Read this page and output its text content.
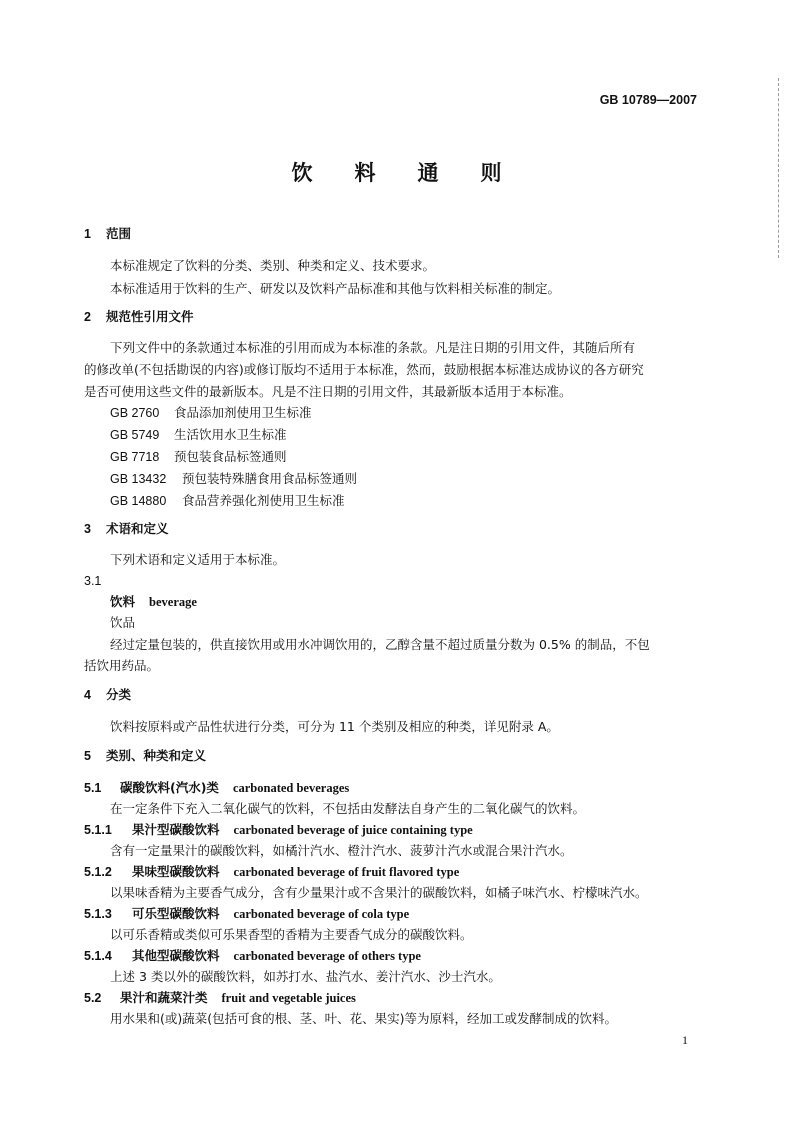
GB 10789—2007
饮料通则
1 范围
本标准规定了饮料的分类、类别、种类和定义、技术要求。
本标准适用于饮料的生产、研发以及饮料产品标准和其他与饮料相关标准的制定。
2 规范性引用文件
下列文件中的条款通过本标准的引用而成为本标准的条款。凡是注日期的引用文件，其随后所有
的修改单(不包括勘误的内容)或修订版均不适用于本标准，然而，鼓励根据本标准达成协议的各方研究
是否可使用这些文件的最新版本。凡是不注日期的引用文件，其最新版本适用于本标准。
GB 2760 食品添加剂使用卫生标准
GB 5749 生活饮用水卫生标准
GB 7718 预包装食品标签通则
GB 13432 预包装特殊膳食用食品标签通则
GB 14880 食品营养强化剂使用卫生标准
3 术语和定义
下列术语和定义适用于本标准。
3.1
饮料 beverage
饮品
经过定量包装的，供直接饮用或用水冲调饮用的，乙醇含量不超过质量分数为 0.5% 的制品，不包
括饮用药品。
4 分类
饮料按原料或产品性状进行分类，可分为 11 个类别及相应的种类，详见附录 A。
5 类别、种类和定义
5.1 碳酸饮料(汽水)类 carbonated beverages
在一定条件下充入二氧化碳气的饮料，不包括由发酵法自身产生的二氧化碳气的饮料。
5.1.1 果汁型碳酸饮料 carbonated beverage of juice containing type
含有一定量果汁的碳酸饮料，如橘汁汽水、橙汁汽水、菠萝汁汽水或混合果汁汽水。
5.1.2 果味型碳酸饮料 carbonated beverage of fruit flavored type
以果味香精为主要香气成分，含有少量果汁或不含果汁的碳酸饮料，如橘子味汽水、柠檬味汽水。
5.1.3 可乐型碳酸饮料 carbonated beverage of cola type
以可乐香精或类似可乐果香型的香精为主要香气成分的碳酸饮料。
5.1.4 其他型碳酸饮料 carbonated beverage of others type
上述 3 类以外的碳酸饮料，如苏打水、盐汽水、姜汁汽水、沙士汽水。
5.2 果汁和蔬菜汁类 fruit and vegetable juices
用水果和(或)蔬菜(包括可食的根、茎、叶、花、果实)等为原料，经加工或发酵制成的饮料。
1
